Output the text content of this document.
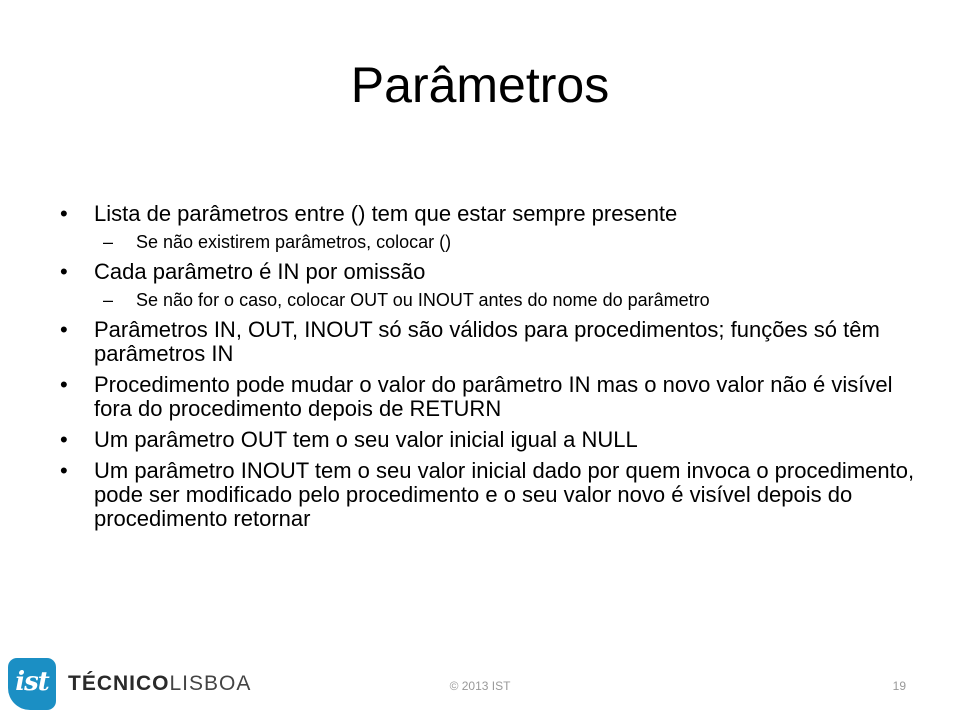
Parâmetros
• Lista de parâmetros entre () tem que estar sempre presente
– Se não existirem parâmetros, colocar ()
• Cada parâmetro é IN por omissão
– Se não for o caso, colocar OUT ou INOUT antes do nome do parâmetro
• Parâmetros IN, OUT, INOUT só são válidos para procedimentos; funções só têm parâmetros IN
• Procedimento pode mudar o valor do parâmetro IN mas o novo valor não é visível fora do procedimento depois de RETURN
• Um parâmetro OUT tem o seu valor inicial igual a NULL
• Um parâmetro INOUT tem o seu valor inicial dado por quem invoca o procedimento, pode ser modificado pelo procedimento e o seu valor novo é visível depois do procedimento retornar
ist TÉCNICOLISBOA	© 2013 IST	19
